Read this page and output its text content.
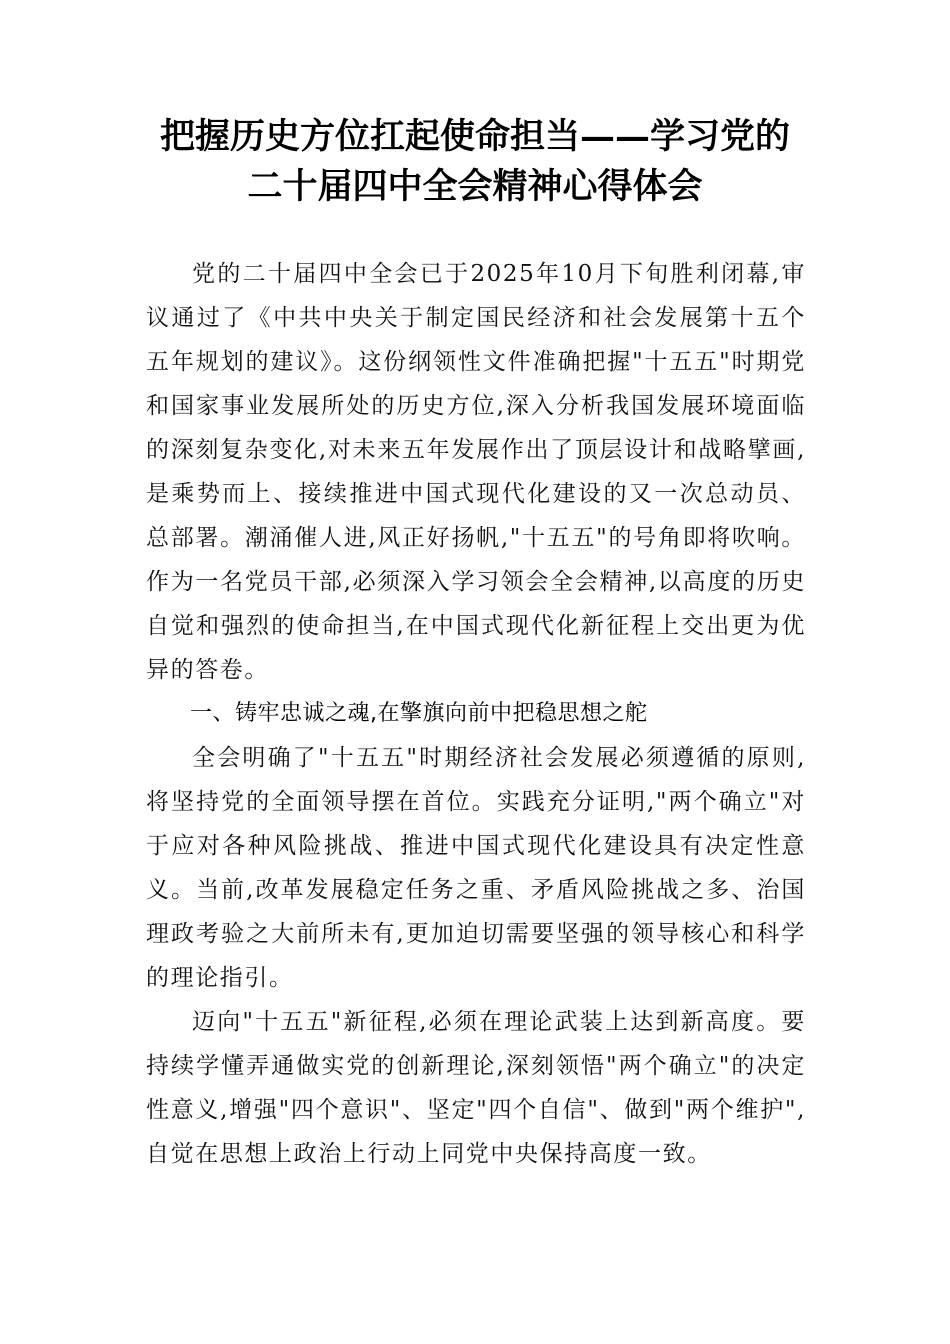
把握历史方位扛起使命担当——学习党的
二十届四中全会精神心得体会

党的二十届四中全会已于2025年10月下旬胜利闭幕,审议通过了《中共中央关于制定国民经济和社会发展第十五个五年规划的建议》。这份纲领性文件准确把握"十五五"时期党和国家事业发展所处的历史方位,深入分析我国发展环境面临的深刻复杂变化,对未来五年发展作出了顶层设计和战略擘画,是乘势而上、接续推进中国式现代化建设的又一次总动员、总部署。潮涌催人进,风正好扬帆,"十五五"的号角即将吹响。作为一名党员干部,必须深入学习领会全会精神,以高度的历史自觉和强烈的使命担当,在中国式现代化新征程上交出更为优异的答卷。

一、铸牢忠诚之魂,在擎旗向前中把稳思想之舵

全会明确了"十五五"时期经济社会发展必须遵循的原则,将坚持党的全面领导摆在首位。实践充分证明,"两个确立"对于应对各种风险挑战、推进中国式现代化建设具有决定性意义。当前,改革发展稳定任务之重、矛盾风险挑战之多、治国理政考验之大前所未有,更加迫切需要坚强的领导核心和科学的理论指引。

迈向"十五五"新征程,必须在理论武装上达到新高度。要持续学懂弄通做实党的创新理论,深刻领悟"两个确立"的决定性意义,增强"四个意识"、坚定"四个自信"、做到"两个维护",自觉在思想上政治上行动上同党中央保持高度一致。
